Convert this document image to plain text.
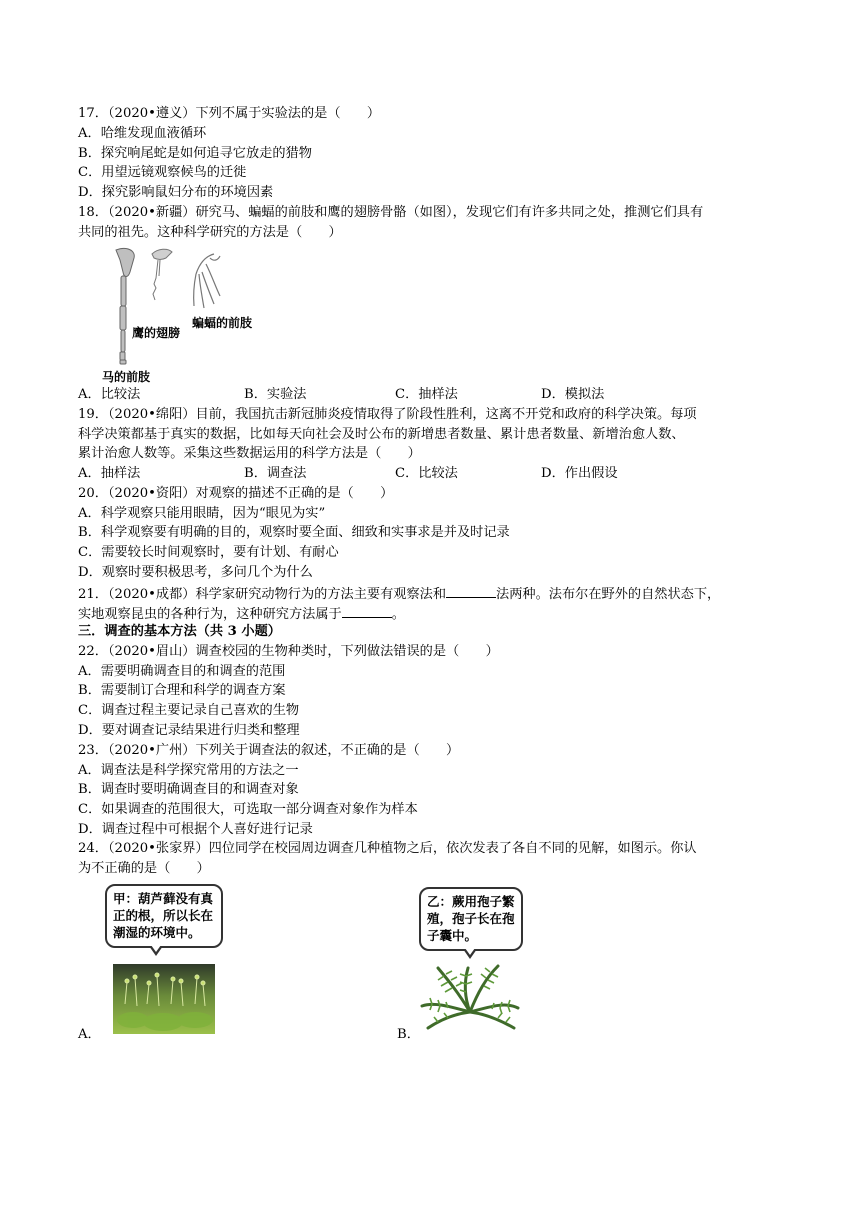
17．（2020•遵义）下列不属于实验法的是（　　）
A．哈维发现血液循环
B．探究响尾蛇是如何追寻它放走的猎物
C．用望远镜观察候鸟的迁徙
D．探究影响鼠妇分布的环境因素
18．（2020•新疆）研究马、蝙蝠的前肢和鹰的翅膀骨骼（如图），发现它们有许多共同之处，推测它们具有
共同的祖先。这种科学研究的方法是（　　）
鹰的翅膀
蝙蝠的前肢
马的前肢
A．比较法	B．实验法	C．抽样法	D．模拟法
19．（2020•绵阳）目前，我国抗击新冠肺炎疫情取得了阶段性胜利，这离不开党和政府的科学决策。每项
科学决策都基于真实的数据，比如每天向社会及时公布的新增患者数量、累计患者数量、新增治愈人数、
累计治愈人数等。采集这些数据运用的科学方法是（　　）
A．抽样法	B．调查法	C．比较法	D．作出假设
20．（2020•资阳）对观察的描述不正确的是（　　）
A．科学观察只能用眼睛，因为“眼见为实”
B．科学观察要有明确的目的，观察时要全面、细致和实事求是并及时记录
C．需要较长时间观察时，要有计划、有耐心
D．观察时要积极思考，多问几个为什么
21．（2020•成都）科学家研究动物行为的方法主要有观察法和	法两种。法布尔在野外的自然状态下，
实地观察昆虫的各种行为，这种研究方法属于	。
三．调查的基本方法（共 3 小题）
22．（2020•眉山）调查校园的生物种类时，下列做法错误的是（　　）
A．需要明确调查目的和调查的范围
B．需要制订合理和科学的调查方案
C．调查过程主要记录自己喜欢的生物
D．要对调查记录结果进行归类和整理
23．（2020•广州）下列关于调查法的叙述，不正确的是（　　）
A．调查法是科学探究常用的方法之一
B．调查时要明确调查目的和调查对象
C．如果调查的范围很大，可选取一部分调查对象作为样本
D．调查过程中可根据个人喜好进行记录
24．（2020•张家界）四位同学在校园周边调查几种植物之后，依次发表了各自不同的见解，如图示。你认
为不正确的是（　　）
甲：葫芦藓没有真
正的根，所以长在
潮湿的环境中。
A．
乙：蕨用孢子繁
殖，孢子长在孢
子囊中。
B．
